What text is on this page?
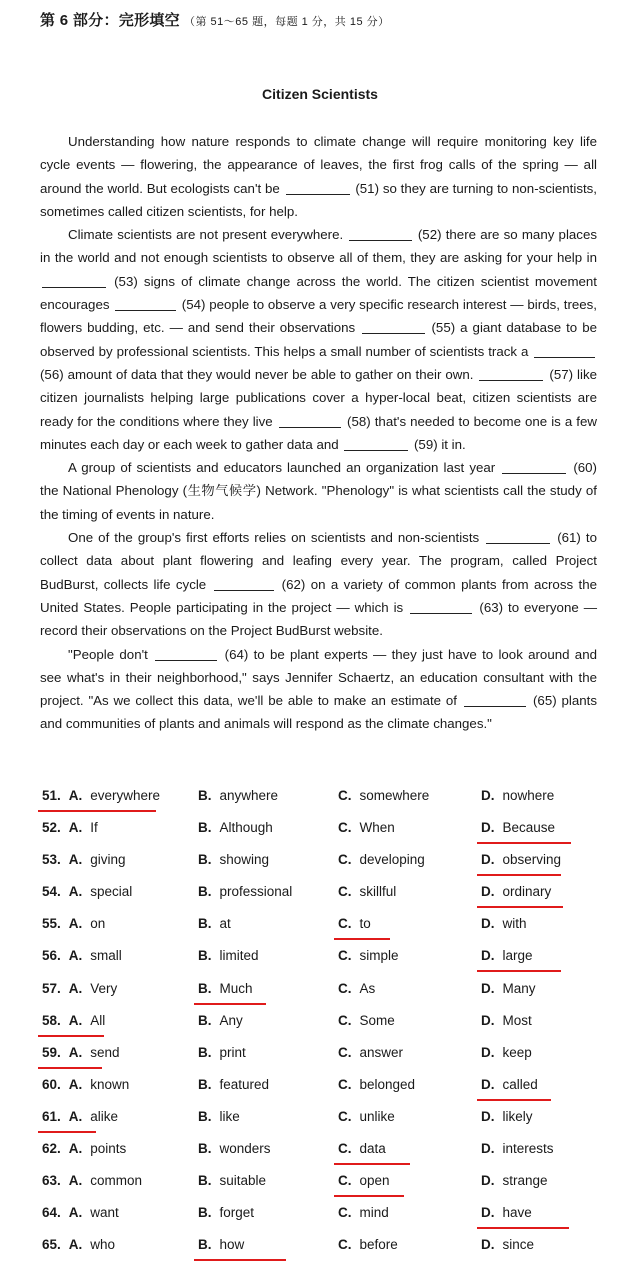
第 6 部分：完形填空 （第 51～65 题，每题 1 分，共 15 分）
Citizen Scientists

Understanding how nature responds to climate change will require monitoring key life cycle events — flowering, the appearance of leaves, the first frog calls of the spring — all around the world. But ecologists can't be	(51) so they are turning to non-scientists, sometimes called citizen scientists, for help.

Climate scientists are not present everywhere.	(52) there are so many places in the world and not enough scientists to observe all of them, they are asking for your help in  (53) signs of climate change across the world. The citizen scientist movement encourages	(54) people to observe a very specific research interest — birds, trees, flowers budding, etc. — and send their observations	(55) a giant database to be observed by professional scientists. This helps a small number of scientists track a  (56) amount of data that they would never be able to gather on their own.	(57) like citizen journalists helping large publications cover a hyper-local beat, citizen scientists are ready for the conditions where they live	(58) that's needed to become one is a few minutes each day or each week to gather data and	(59) it in.

A group of scientists and educators launched an organization last year	(60) the National Phenology (生物气候学) Network. "Phenology" is what scientists call the study of the timing of events in nature.

One of the group's first efforts relies on scientists and non-scientists	(61) to collect data about plant flowering and leafing every year. The program, called Project BudBurst, collects life cycle	(62) on a variety of common plants from across the United States. People participating in the project — which is	(63) to everyone — record their observations on the Project BudBurst website.

"People don't	(64) to be plant experts — they just have to look around and see what's in their neighborhood," says Jennifer Schaertz, an education consultant with the project. "As we collect this data, we'll be able to make an estimate of	(65) plants and communities of plants and animals will respond as the climate changes."

51. A. everywhere	B. anywhere	C. somewhere	D. nowhere
52. A. If	B. Although	C. When	D. Because
53. A. giving	B. showing	C. developing	D. observing
54. A. special	B. professional	C. skillful	D. ordinary
55. A. on	B. at	C. to	D. with
56. A. small	B. limited	C. simple	D. large
57. A. Very	B. Much	C. As	D. Many
58. A. All	B. Any	C. Some	D. Most
59. A. send	B. print	C. answer	D. keep
60. A. known	B. featured	C. belonged	D. called
61. A. alike	B. like	C. unlike	D. likely
62. A. points	B. wonders	C. data	D. interests
63. A. common	B. suitable	C. open	D. strange
64. A. want	B. forget	C. mind	D. have
65. A. who	B. how	C. before	D. since
